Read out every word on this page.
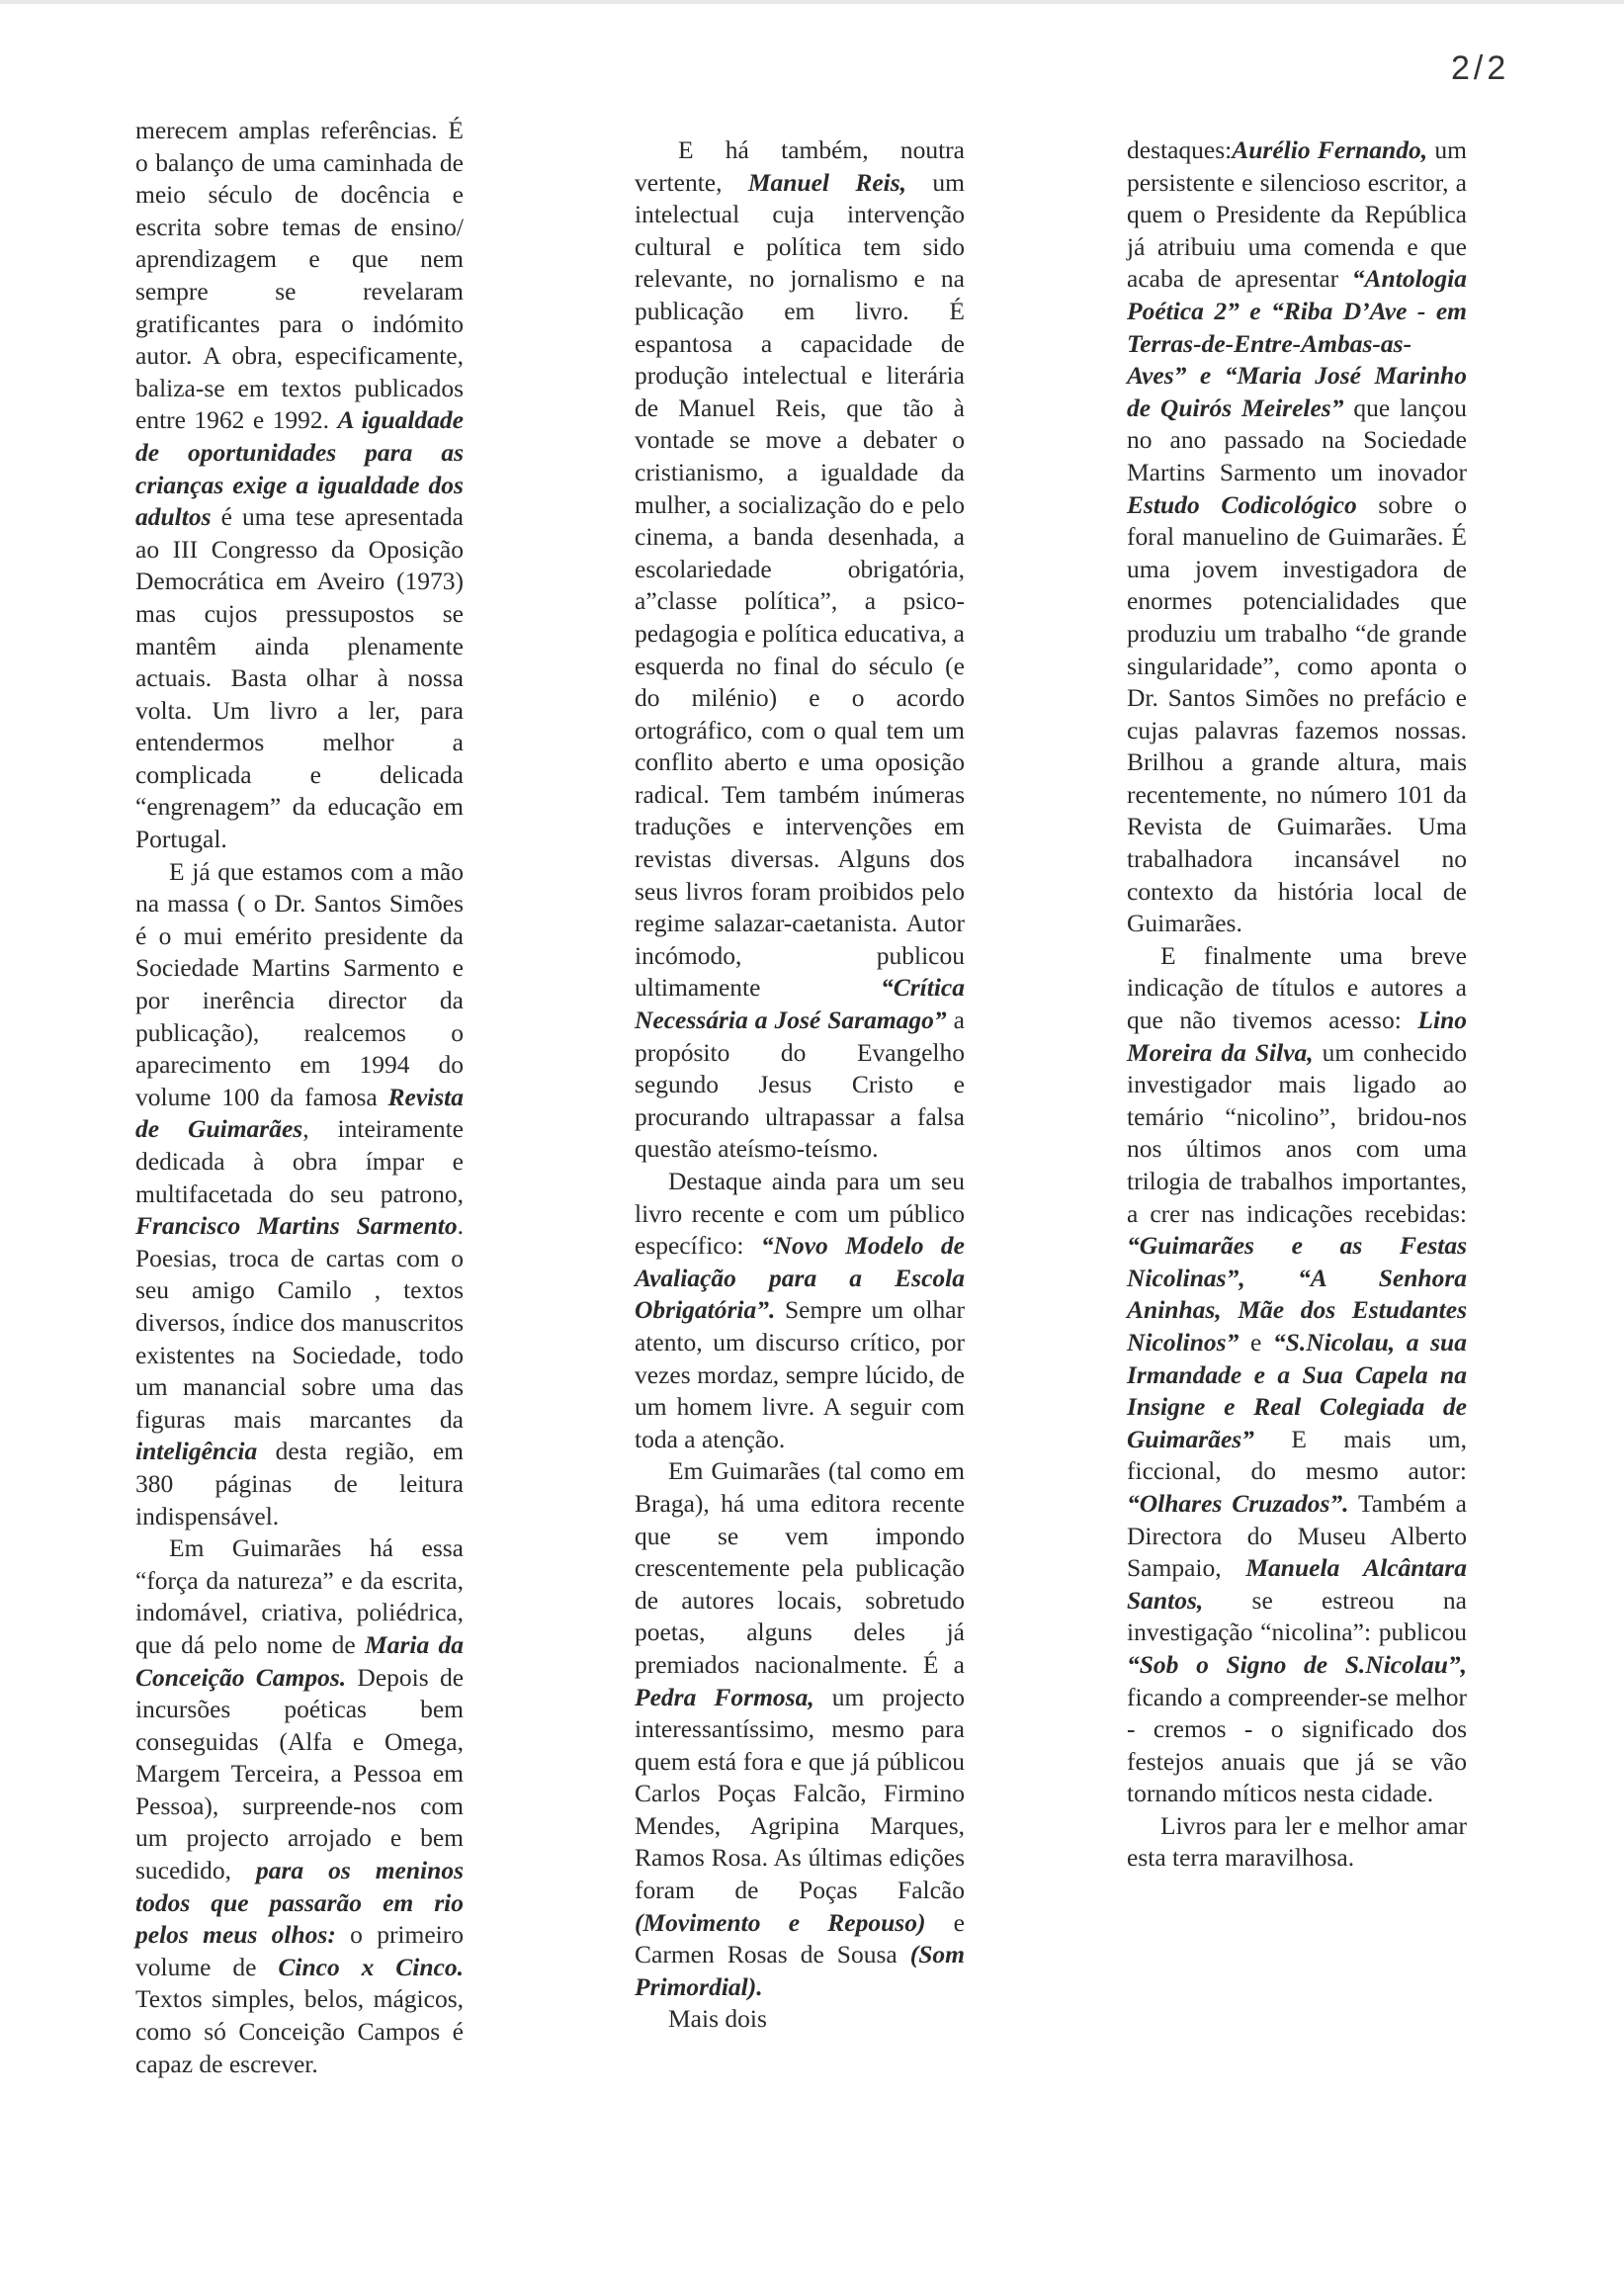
2/2

merecem amplas referências. É o balanço de uma caminhada de meio século de docência e escrita sobre temas de ensino/ aprendizagem e que nem sempre se revelaram gratificantes para o indómito autor. A obra, especificamente, baliza-se em textos publicados entre 1962 e 1992. A igualdade de oportunidades para as crianças exige a igualdade dos adultos é uma tese apresentada ao III Congresso da Oposição Democrática em Aveiro (1973) mas cujos pressupostos se mantêm ainda plenamente actuais. Basta olhar à nossa volta. Um livro a ler, para entendermos melhor a complicada e delicada “engrenagem” da educação em Portugal.

E já que estamos com a mão na massa ( o Dr. Santos Simões é o mui emérito presidente da Sociedade Martins Sarmento e por inerência director da publicação), realcemos o aparecimento em 1994 do volume 100 da famosa Revista de Guimarães, inteiramente dedicada à obra ímpar e multifacetada do seu patrono, Francisco Martins Sarmento. Poesias, troca de cartas com o seu amigo Camilo , textos diversos, índice dos manuscritos existentes na Sociedade, todo um manancial sobre uma das figuras mais marcantes da inteligência desta região, em 380 páginas de leitura indispensável.

Em Guimarães há essa “força da natureza” e da escrita, indomável, criativa, poliédrica, que dá pelo nome de Maria da Conceição Campos. Depois de incursões poéticas bem conseguidas (Alfa e Omega, Margem Terceira, a Pessoa em Pessoa), surpreende-nos com um projecto arrojado e bem sucedido, para os meninos todos que passarão em rio pelos meus olhos: o primeiro volume de Cinco x Cinco. Textos simples, belos, mágicos, como só Conceição Campos é capaz de escrever.

E há também, noutra vertente, Manuel Reis, um intelectual cuja intervenção cultural e política tem sido relevante, no jornalismo e na publicação em livro. É espantosa a capacidade de produção intelectual e literária de Manuel Reis, que tão à vontade se move a debater o cristianismo, a igualdade da mulher, a socialização do e pelo cinema, a banda desenhada, a escolariedade obrigatória, a”classe política”, a psico-pedagogia e política educativa, a esquerda no final do século (e do milénio) e o acordo ortográfico, com o qual tem um conflito aberto e uma oposição radical. Tem também inúmeras traduções e intervenções em revistas diversas. Alguns dos seus livros foram proibidos pelo regime salazar-caetanista. Autor incómodo, publicou ultimamente “Crítica Necessária a José Saramago” a propósito do Evangelho segundo Jesus Cristo e procurando ultrapassar a falsa questão ateísmo-teísmo.

Destaque ainda para um seu livro recente e com um público específico: “Novo Modelo de Avaliação para a Escola Obrigatória”. Sempre um olhar atento, um discurso crítico, por vezes mordaz, sempre lúcido, de um homem livre. A seguir com toda a atenção.

Em Guimarães (tal como em Braga), há uma editora recente que se vem impondo crescentemente pela publicação de autores locais, sobretudo poetas, alguns deles já premiados nacionalmente. É a Pedra Formosa, um projecto interessantíssimo, mesmo para quem está fora e que já públicou Carlos Poças Falcão, Firmino Mendes, Agripina Marques, Ramos Rosa. As últimas edições foram de Poças Falcão (Movimento e Repouso) e Carmen Rosas de Sousa (Som Primordial).

Mais dois

destaques:Aurélio Fernando, um persistente e silencioso escritor, a quem o Presidente da República já atribuiu uma comenda e que acaba de apresentar “Antologia Poética 2” e “Riba D’Ave - em Terras-de-Entre-Ambas-as-Aves” e “Maria José Marinho de Quirós Meireles” que lançou no ano passado na Sociedade Martins Sarmento um inovador Estudo Codicológico sobre o foral manuelino de Guimarães. É uma jovem investigadora de enormes potencialidades que produziu um trabalho “de grande singularidade”, como aponta o Dr. Santos Simões no prefácio e cujas palavras fazemos nossas. Brilhou a grande altura, mais recentemente, no número 101 da Revista de Guimarães. Uma trabalhadora incansável no contexto da história local de Guimarães.

E finalmente uma breve indicação de títulos e autores a que não tivemos acesso: Lino Moreira da Silva, um conhecido investigador mais ligado ao temário “nicolino”, bridou-nos nos últimos anos com uma trilogia de trabalhos importantes, a crer nas indicações recebidas: “Guimarães e as Festas Nicolinas”, “A Senhora Aninhas, Mãe dos Estudantes Nicolinos” e “S.Nicolau, a sua Irmandade e a Sua Capela na Insigne e Real Colegiada de Guimarães” E mais um, ficcional, do mesmo autor: “Olhares Cruzados”. Também a Directora do Museu Alberto Sampaio, Manuela Alcântara Santos, se estreou na investigação “nicolina”: publicou “Sob o Signo de S.Nicolau”, ficando a compreender-se melhor - cremos - o significado dos festejos anuais que já se vão tornando míticos nesta cidade.

Livros para ler e melhor amar esta terra maravilhosa.
